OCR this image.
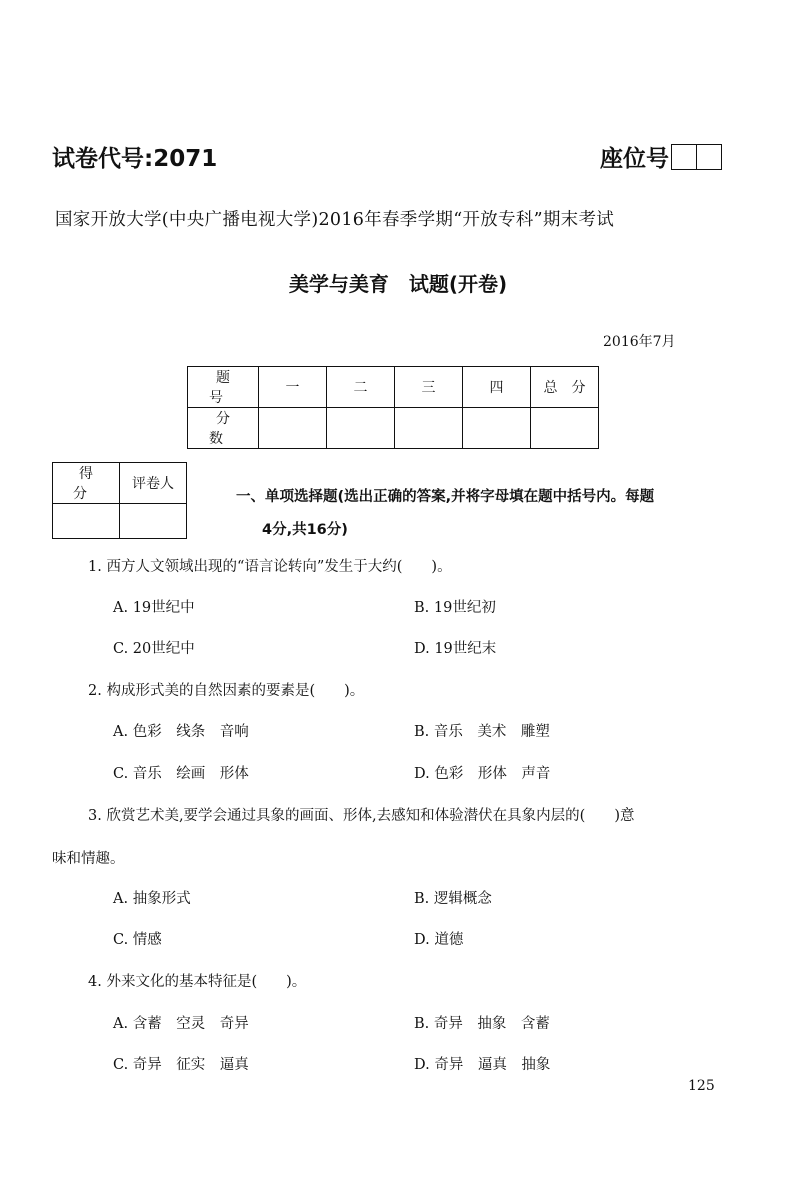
试卷代号:2071	座位号
国家开放大学(中央广播电视大学)2016年春季学期“开放专科”期末考试
美学与美育　试题(开卷)
2016年7月
题　号	一	二	三	四	总　分
分　数					
得　分	评卷人

一、单项选择题(选出正确的答案,并将字母填在题中括号内。每题
4分,共16分)
1. 西方人文领域出现的“语言论转向”发生于大约(　　)。
A. 19世纪中	B. 19世纪初
C. 20世纪中	D. 19世纪末
2. 构成形式美的自然因素的要素是(　　)。
A. 色彩　线条　音响	B. 音乐　美术　雕塑
C. 音乐　绘画　形体	D. 色彩　形体　声音
3. 欣赏艺术美,要学会通过具象的画面、形体,去感知和体验潜伏在具象内层的(　　)意
味和情趣。
A. 抽象形式	B. 逻辑概念
C. 情感	D. 道德
4. 外来文化的基本特征是(　　)。
A. 含蓄　空灵　奇异	B. 奇异　抽象　含蓄
C. 奇异　征实　逼真	D. 奇异　逼真　抽象
125
